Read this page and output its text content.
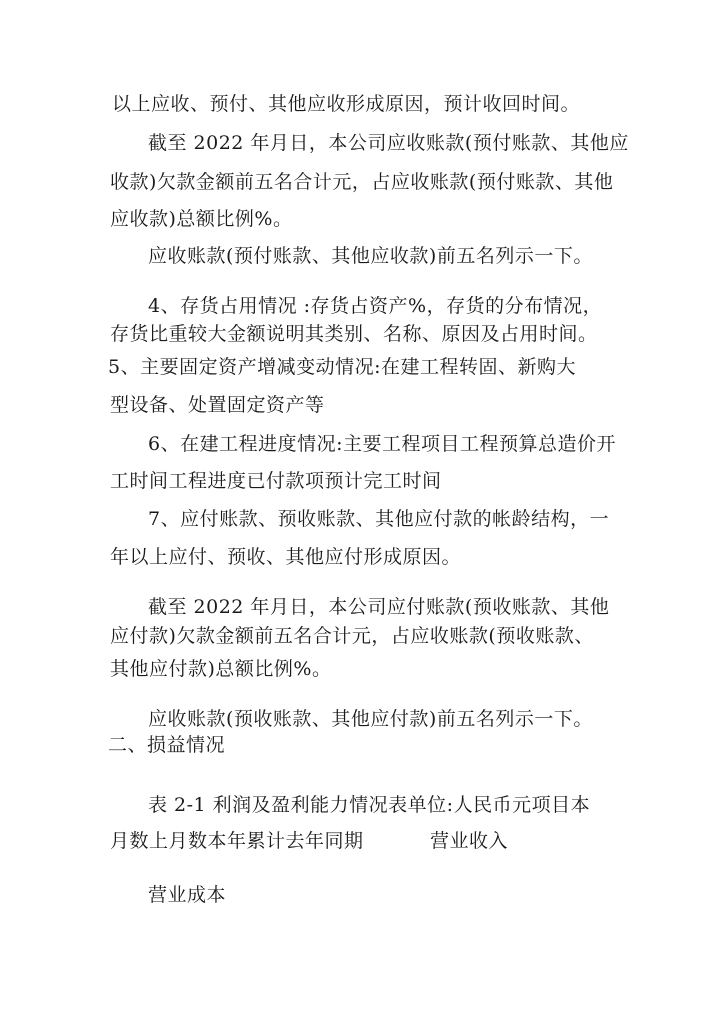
以上应收、预付、其他应收形成原因，预计收回时间。
截至 2022 年月日，本公司应收账款(预付账款、其他应
收款)欠款金额前五名合计元，占应收账款(预付账款、其他
应收款)总额比例%。
应收账款(预付账款、其他应收款)前五名列示一下。
4、存货占用情况 :存货占资产%，存货的分布情况，
存货比重较大金额说明其类别、名称、原因及占用时间。
5、主要固定资产增减变动情况:在建工程转固、新购大
型设备、处置固定资产等
6、在建工程进度情况:主要工程项目工程预算总造价开
工时间工程进度已付款项预计完工时间
7、应付账款、预收账款、其他应付款的帐龄结构，一
年以上应付、预收、其他应付形成原因。
截至 2022 年月日，本公司应付账款(预收账款、其他
应付款)欠款金额前五名合计元，占应收账款(预收账款、
其他应付款)总额比例%。
应收账款(预收账款、其他应付款)前五名列示一下。
二、损益情况
表 2-1 利润及盈利能力情况表单位:人民币元项目本
月数上月数本年累计去年同期	营业收入
营业成本
